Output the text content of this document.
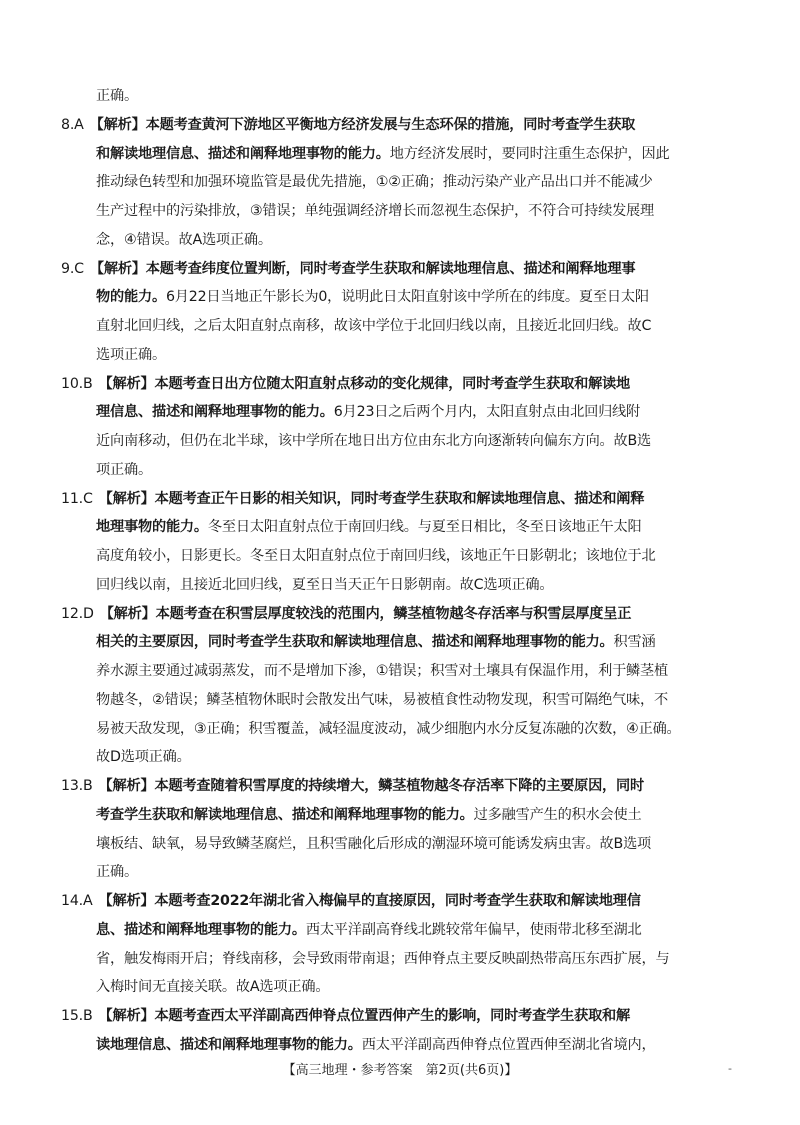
正确。
8.A 【解析】本题考查黄河下游地区平衡地方经济发展与生态环保的措施，同时考查学生获取
和解读地理信息、描述和阐释地理事物的能力。地方经济发展时，要同时注重生态保护，因此
推动绿色转型和加强环境监管是最优先措施，①②正确；推动污染产业产品出口并不能减少
生产过程中的污染排放，③错误；单纯强调经济增长而忽视生态保护，不符合可持续发展理
念，④错误。故A选项正确。
9.C 【解析】本题考查纬度位置判断，同时考查学生获取和解读地理信息、描述和阐释地理事
物的能力。6月22日当地正午影长为0，说明此日太阳直射该中学所在的纬度。夏至日太阳
直射北回归线，之后太阳直射点南移，故该中学位于北回归线以南，且接近北回归线。故C
选项正确。
10.B 【解析】本题考查日出方位随太阳直射点移动的变化规律，同时考查学生获取和解读地
理信息、描述和阐释地理事物的能力。6月23日之后两个月内，太阳直射点由北回归线附
近向南移动，但仍在北半球，该中学所在地日出方位由东北方向逐渐转向偏东方向。故B选
项正确。
11.C 【解析】本题考查正午日影的相关知识，同时考查学生获取和解读地理信息、描述和阐释
地理事物的能力。冬至日太阳直射点位于南回归线。与夏至日相比，冬至日该地正午太阳
高度角较小，日影更长。冬至日太阳直射点位于南回归线，该地正午日影朝北；该地位于北
回归线以南，且接近北回归线，夏至日当天正午日影朝南。故C选项正确。
12.D 【解析】本题考查在积雪层厚度较浅的范围内，鳞茎植物越冬存活率与积雪层厚度呈正
相关的主要原因，同时考查学生获取和解读地理信息、描述和阐释地理事物的能力。积雪涵
养水源主要通过减弱蒸发，而不是增加下渗，①错误；积雪对土壤具有保温作用，利于鳞茎植
物越冬，②错误；鳞茎植物休眠时会散发出气味，易被植食性动物发现，积雪可隔绝气味，不
易被天敌发现，③正确；积雪覆盖，减轻温度波动，减少细胞内水分反复冻融的次数，④正确。
故D选项正确。
13.B 【解析】本题考查随着积雪厚度的持续增大，鳞茎植物越冬存活率下降的主要原因，同时
考查学生获取和解读地理信息、描述和阐释地理事物的能力。过多融雪产生的积水会使土
壤板结、缺氧，易导致鳞茎腐烂，且积雪融化后形成的潮湿环境可能诱发病虫害。故B选项
正确。
14.A 【解析】本题考查2022年湖北省入梅偏早的直接原因，同时考查学生获取和解读地理信
息、描述和阐释地理事物的能力。西太平洋副高脊线北跳较常年偏早，使雨带北移至湖北
省，触发梅雨开启；脊线南移，会导致雨带南退；西伸脊点主要反映副热带高压东西扩展，与
入梅时间无直接关联。故A选项正确。
15.B 【解析】本题考查西太平洋副高西伸脊点位置西伸产生的影响，同时考查学生获取和解
读地理信息、描述和阐释地理事物的能力。西太平洋副高西伸脊点位置西伸至湖北省境内，
【高三地理・参考答案　第2页(共6页)】	-
